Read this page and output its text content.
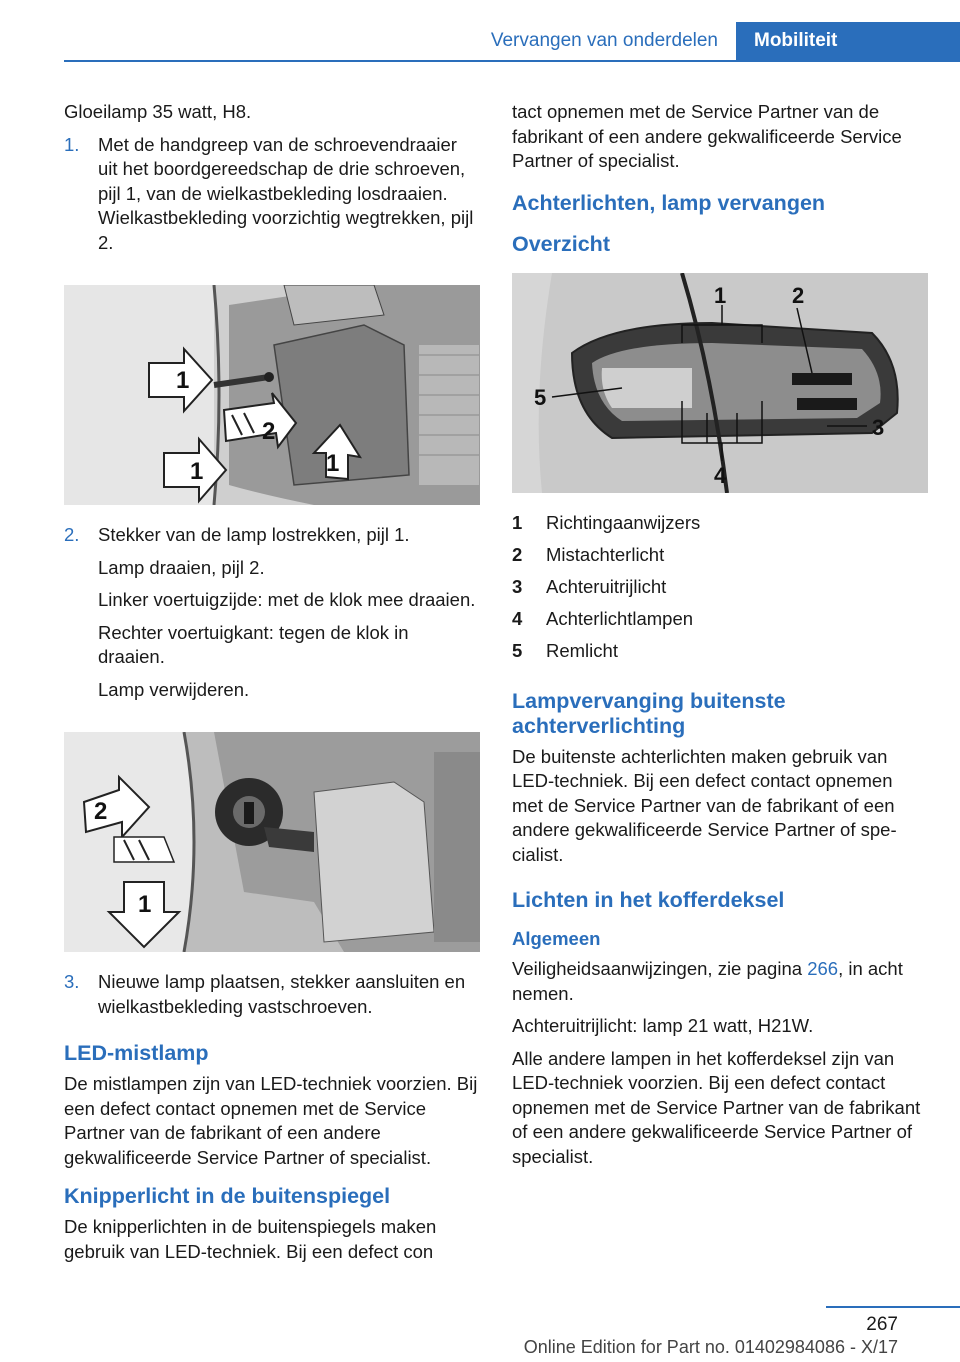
Vervangen van onderdelen	Mobiliteit

Gloeilamp 35 watt, H8.

1.	Met de handgreep van de schroevendraaier uit het boordgereedschap de drie schroeven, pijl 1, van de wielkastbekleding losdraaien. Wielkastbekleding voorzichtig wegtrekken, pijl 2.

1
2
1	1
2.	Stekker van de lamp lostrekken, pijl 1.

Lamp draaien, pijl 2.

Linker voertuigzijde: met de klok mee draaien.

Rechter voertuigkant: tegen de klok in draaien.

Lamp verwijderen.

2
1
3.	Nieuwe lamp plaatsen, stekker aansluiten en wielkastbekleding vastschroeven.

LED-mistlamp

De mistlampen zijn van LED-techniek voorzien. Bij een defect contact opnemen met de Service Partner van de fabrikant of een andere gekwalificeerde Service Partner of specialist.

Knipperlicht in de buitenspiegel

De knipperlichten in de buitenspiegels maken gebruik van LED-techniek. Bij een defect con

tact opnemen met de Service Partner van de fabrikant of een andere gekwalificeerde Service Partner of specialist.

Achterlichten, lamp vervangen
Overzicht
1	2
3
4
5
1	Richtingaanwijzers
2	Mistachterlicht
3	Achteruitrijlicht
4	Achterlichtlampen
5	Remlicht
Lampvervanging buitenste achterverlichting

De buitenste achterlichten maken gebruik van LED-techniek. Bij een defect contact opnemen met de Service Partner van de fabrikant of een andere gekwalificeerde Service Partner of specialist.

Lichten in het kofferdeksel
Algemeen

Veiligheidsaanwijzingen, zie pagina 266, in acht nemen.

Achteruitrijlicht: lamp 21 watt, H21W.

Alle andere lampen in het kofferdeksel zijn van LED-techniek voorzien. Bij een defect contact opnemen met de Service Partner van de fabrikant of een andere gekwalificeerde Service Partner of specialist.

267
Online Edition for Part no. 01402984086 - X/17
